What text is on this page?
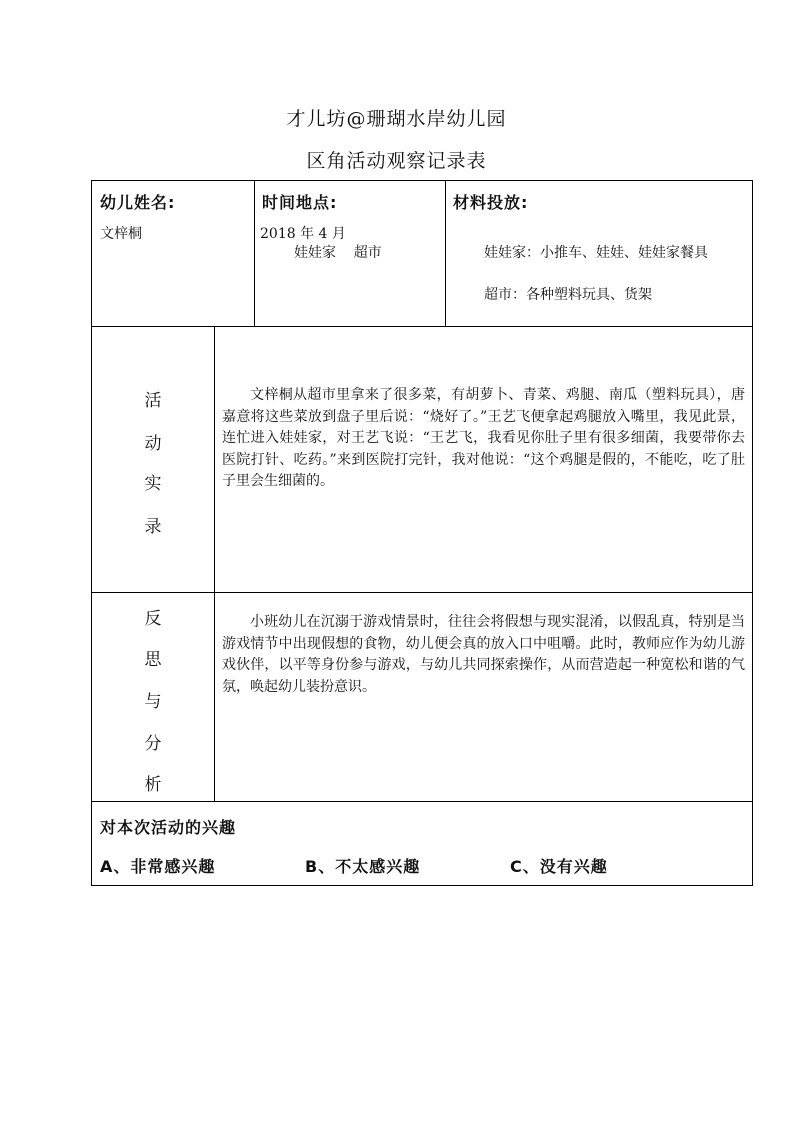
才儿坊@珊瑚水岸幼儿园
区角活动观察记录表
幼儿姓名:
文梓桐
时间地点:
2018 年 4 月
娃娃家    超市
材料投放:
娃娃家：小推车、娃娃、娃娃家餐具
超市：各种塑料玩具、货架
活
动
实
录
文梓桐从超市里拿来了很多菜，有胡萝卜、青菜、鸡腿、南瓜（塑料玩具），唐嘉意将这些菜放到盘子里后说：“烧好了。”王艺飞便拿起鸡腿放入嘴里，我见此景，连忙进入娃娃家，对王艺飞说：“王艺飞，我看见你肚子里有很多细菌，我要带你去医院打针、吃药。”来到医院打完针，我对他说：“这个鸡腿是假的，不能吃，吃了肚子里会生细菌的。
反
思
与
分
析
小班幼儿在沉溺于游戏情景时，往往会将假想与现实混淆，以假乱真，特别是当游戏情节中出现假想的食物，幼儿便会真的放入口中咀嚼。此时，教师应作为幼儿游戏伙伴，以平等身份参与游戏，与幼儿共同探索操作，从而营造起一种宽松和谐的气氛，唤起幼儿装扮意识。
对本次活动的兴趣
A、非常感兴趣	B、不太感兴趣	C、没有兴趣
